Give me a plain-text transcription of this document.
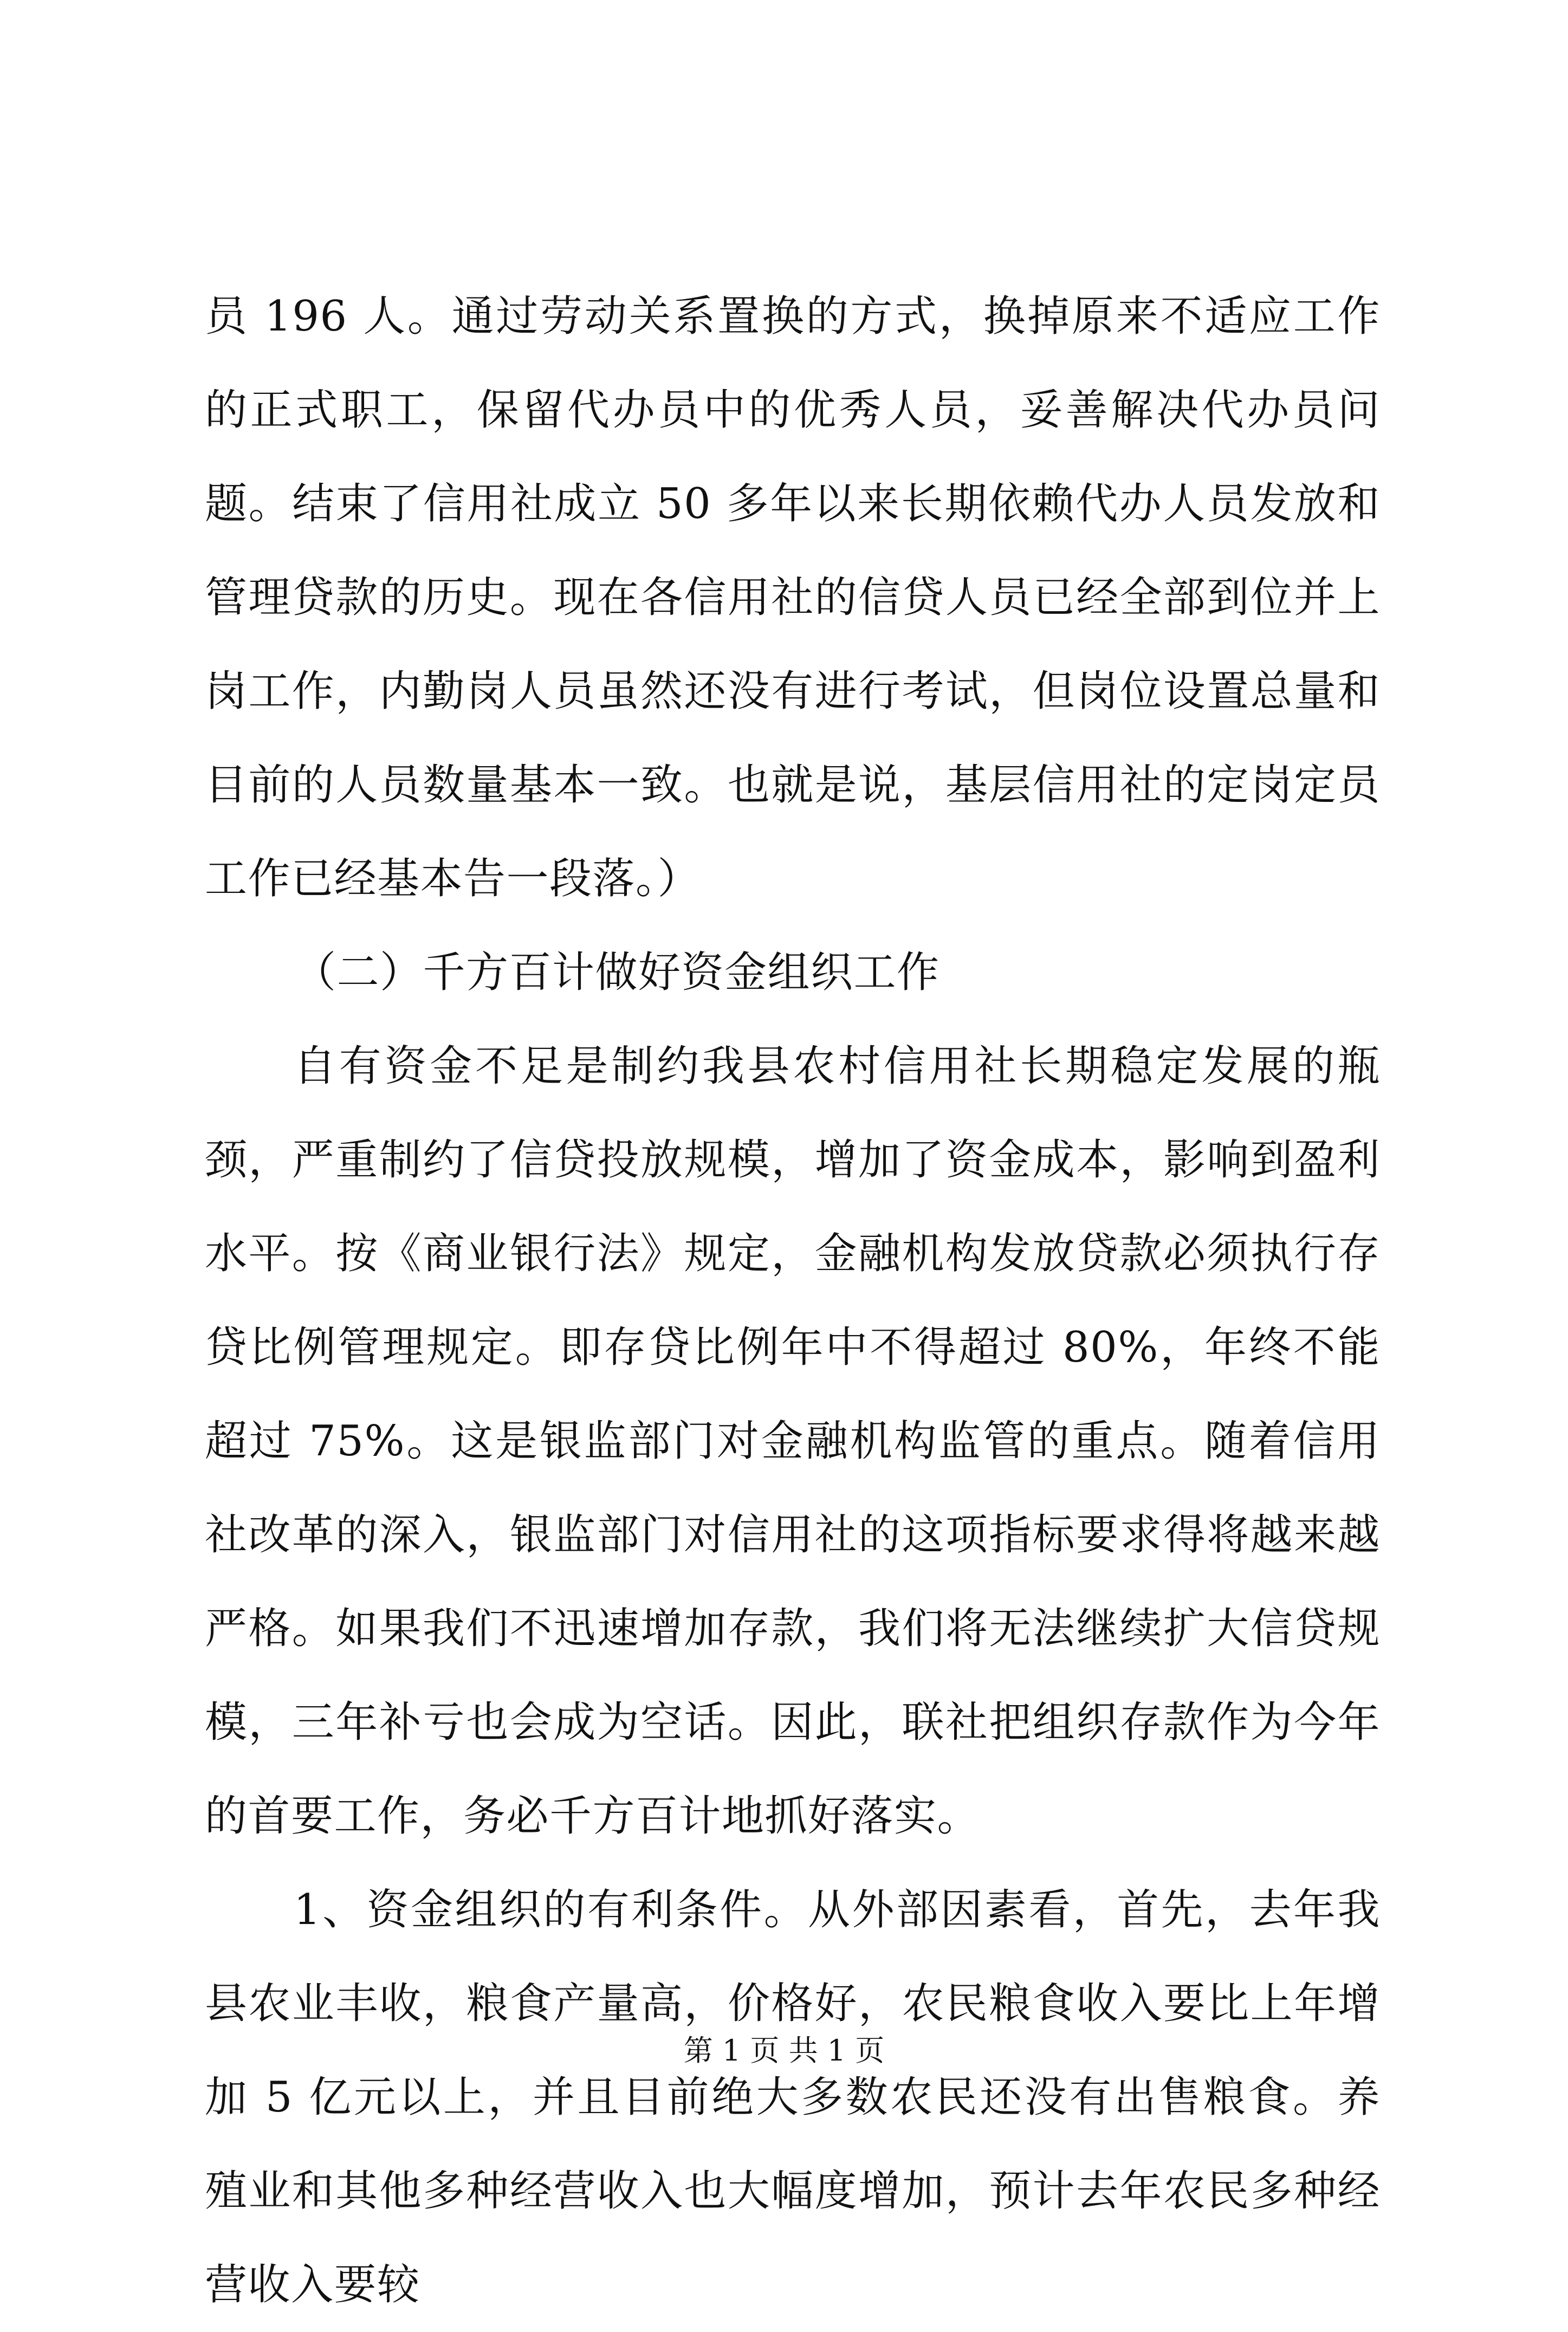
员 196 人。通过劳动关系置换的方式，换掉原来不适应工作的正式职工，保留代办员中的优秀人员，妥善解决代办员问题。结束了信用社成立 50 多年以来长期依赖代办人员发放和管理贷款的历史。现在各信用社的信贷人员已经全部到位并上岗工作，内勤岗人员虽然还没有进行考试，但岗位设置总量和目前的人员数量基本一致。也就是说，基层信用社的定岗定员工作已经基本告一段落。）

（二）千方百计做好资金组织工作

自有资金不足是制约我县农村信用社长期稳定发展的瓶颈，严重制约了信贷投放规模，增加了资金成本，影响到盈利水平。按《商业银行法》规定，金融机构发放贷款必须执行存贷比例管理规定。即存贷比例年中不得超过 80%，年终不能超过 75%。这是银监部门对金融机构监管的重点。随着信用社改革的深入，银监部门对信用社的这项指标要求得将越来越严格。如果我们不迅速增加存款，我们将无法继续扩大信贷规模，三年补亏也会成为空话。因此，联社把组织存款作为今年的首要工作，务必千方百计地抓好落实。

1、资金组织的有利条件。从外部因素看，首先，去年我县农业丰收，粮食产量高，价格好，农民粮食收入要比上年增加 5 亿元以上，并且目前绝大多数农民还没有出售粮食。养殖业和其他多种经营收入也大幅度增加，预计去年农民多种经营收入要较

第 1 页 共 1 页
